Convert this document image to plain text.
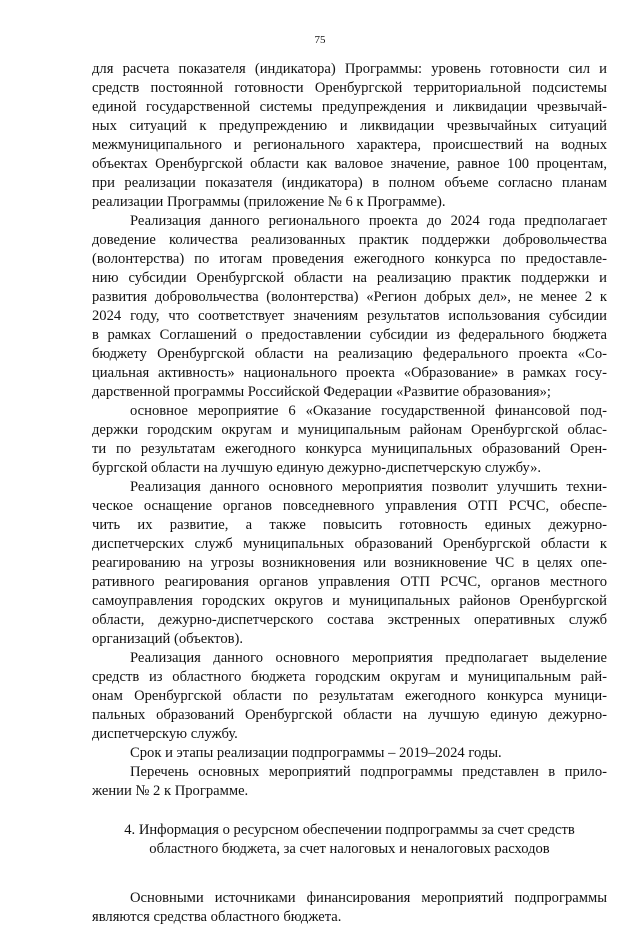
75
для расчета показателя (индикатора) Программы: уровень готовности сил и
средств постоянной готовности Оренбургской территориальной подсистемы
единой государственной системы предупреждения и ликвидации чрезвычай-
ных ситуаций к предупреждению и ликвидации чрезвычайных ситуаций
межмуниципального и регионального характера, происшествий на водных
объектах Оренбургской области как валовое значение, равное 100 процентам,
при реализации показателя (индикатора) в полном объеме согласно планам
реализации Программы (приложение № 6 к Программе).
Реализация данного регионального проекта до 2024 года предполагает
доведение количества реализованных практик поддержки добровольчества
(волонтерства) по итогам проведения ежегодного конкурса по предоставле-
нию субсидии Оренбургской области на реализацию практик поддержки и
развития добровольчества (волонтерства) «Регион добрых дел», не менее 2 к
2024 году, что соответствует значениям результатов использования субсидии
в рамках Соглашений о предоставлении субсидии из федерального бюджета
бюджету Оренбургской области на реализацию федерального проекта «Со-
циальная активность» национального проекта «Образование» в рамках госу-
дарственной программы Российской Федерации «Развитие образования»;
основное мероприятие 6 «Оказание государственной финансовой под-
держки городским округам и муниципальным районам Оренбургской облас-
ти по результатам ежегодного конкурса муниципальных образований Орен-
бургской области на лучшую единую дежурно-диспетчерскую службу».
Реализация данного основного мероприятия позволит улучшить техни-
ческое оснащение органов повседневного управления ОТП РСЧС, обеспе-
чить их развитие, а также повысить готовность единых дежурно-
диспетчерских служб муниципальных образований Оренбургской области к
реагированию на угрозы возникновения или возникновение ЧС в целях опе-
ративного реагирования органов управления ОТП РСЧС, органов местного
самоуправления городских округов и муниципальных районов Оренбургской
области, дежурно-диспетчерского состава экстренных оперативных служб
организаций (объектов).
Реализация данного основного мероприятия предполагает выделение
средств из областного бюджета городским округам и муниципальным рай-
онам Оренбургской области по результатам ежегодного конкурса муници-
пальных образований Оренбургской области на лучшую единую дежурно-
диспетчерскую службу.
Срок и этапы реализации подпрограммы – 2019–2024 годы.
Перечень основных мероприятий подпрограммы представлен в прило-
жении № 2 к Программе.
4. Информация о ресурсном обеспечении подпрограммы за счет средств
областного бюджета, за счет налоговых и неналоговых расходов
Основными источниками финансирования мероприятий подпрограммы
являются средства областного бюджета.
